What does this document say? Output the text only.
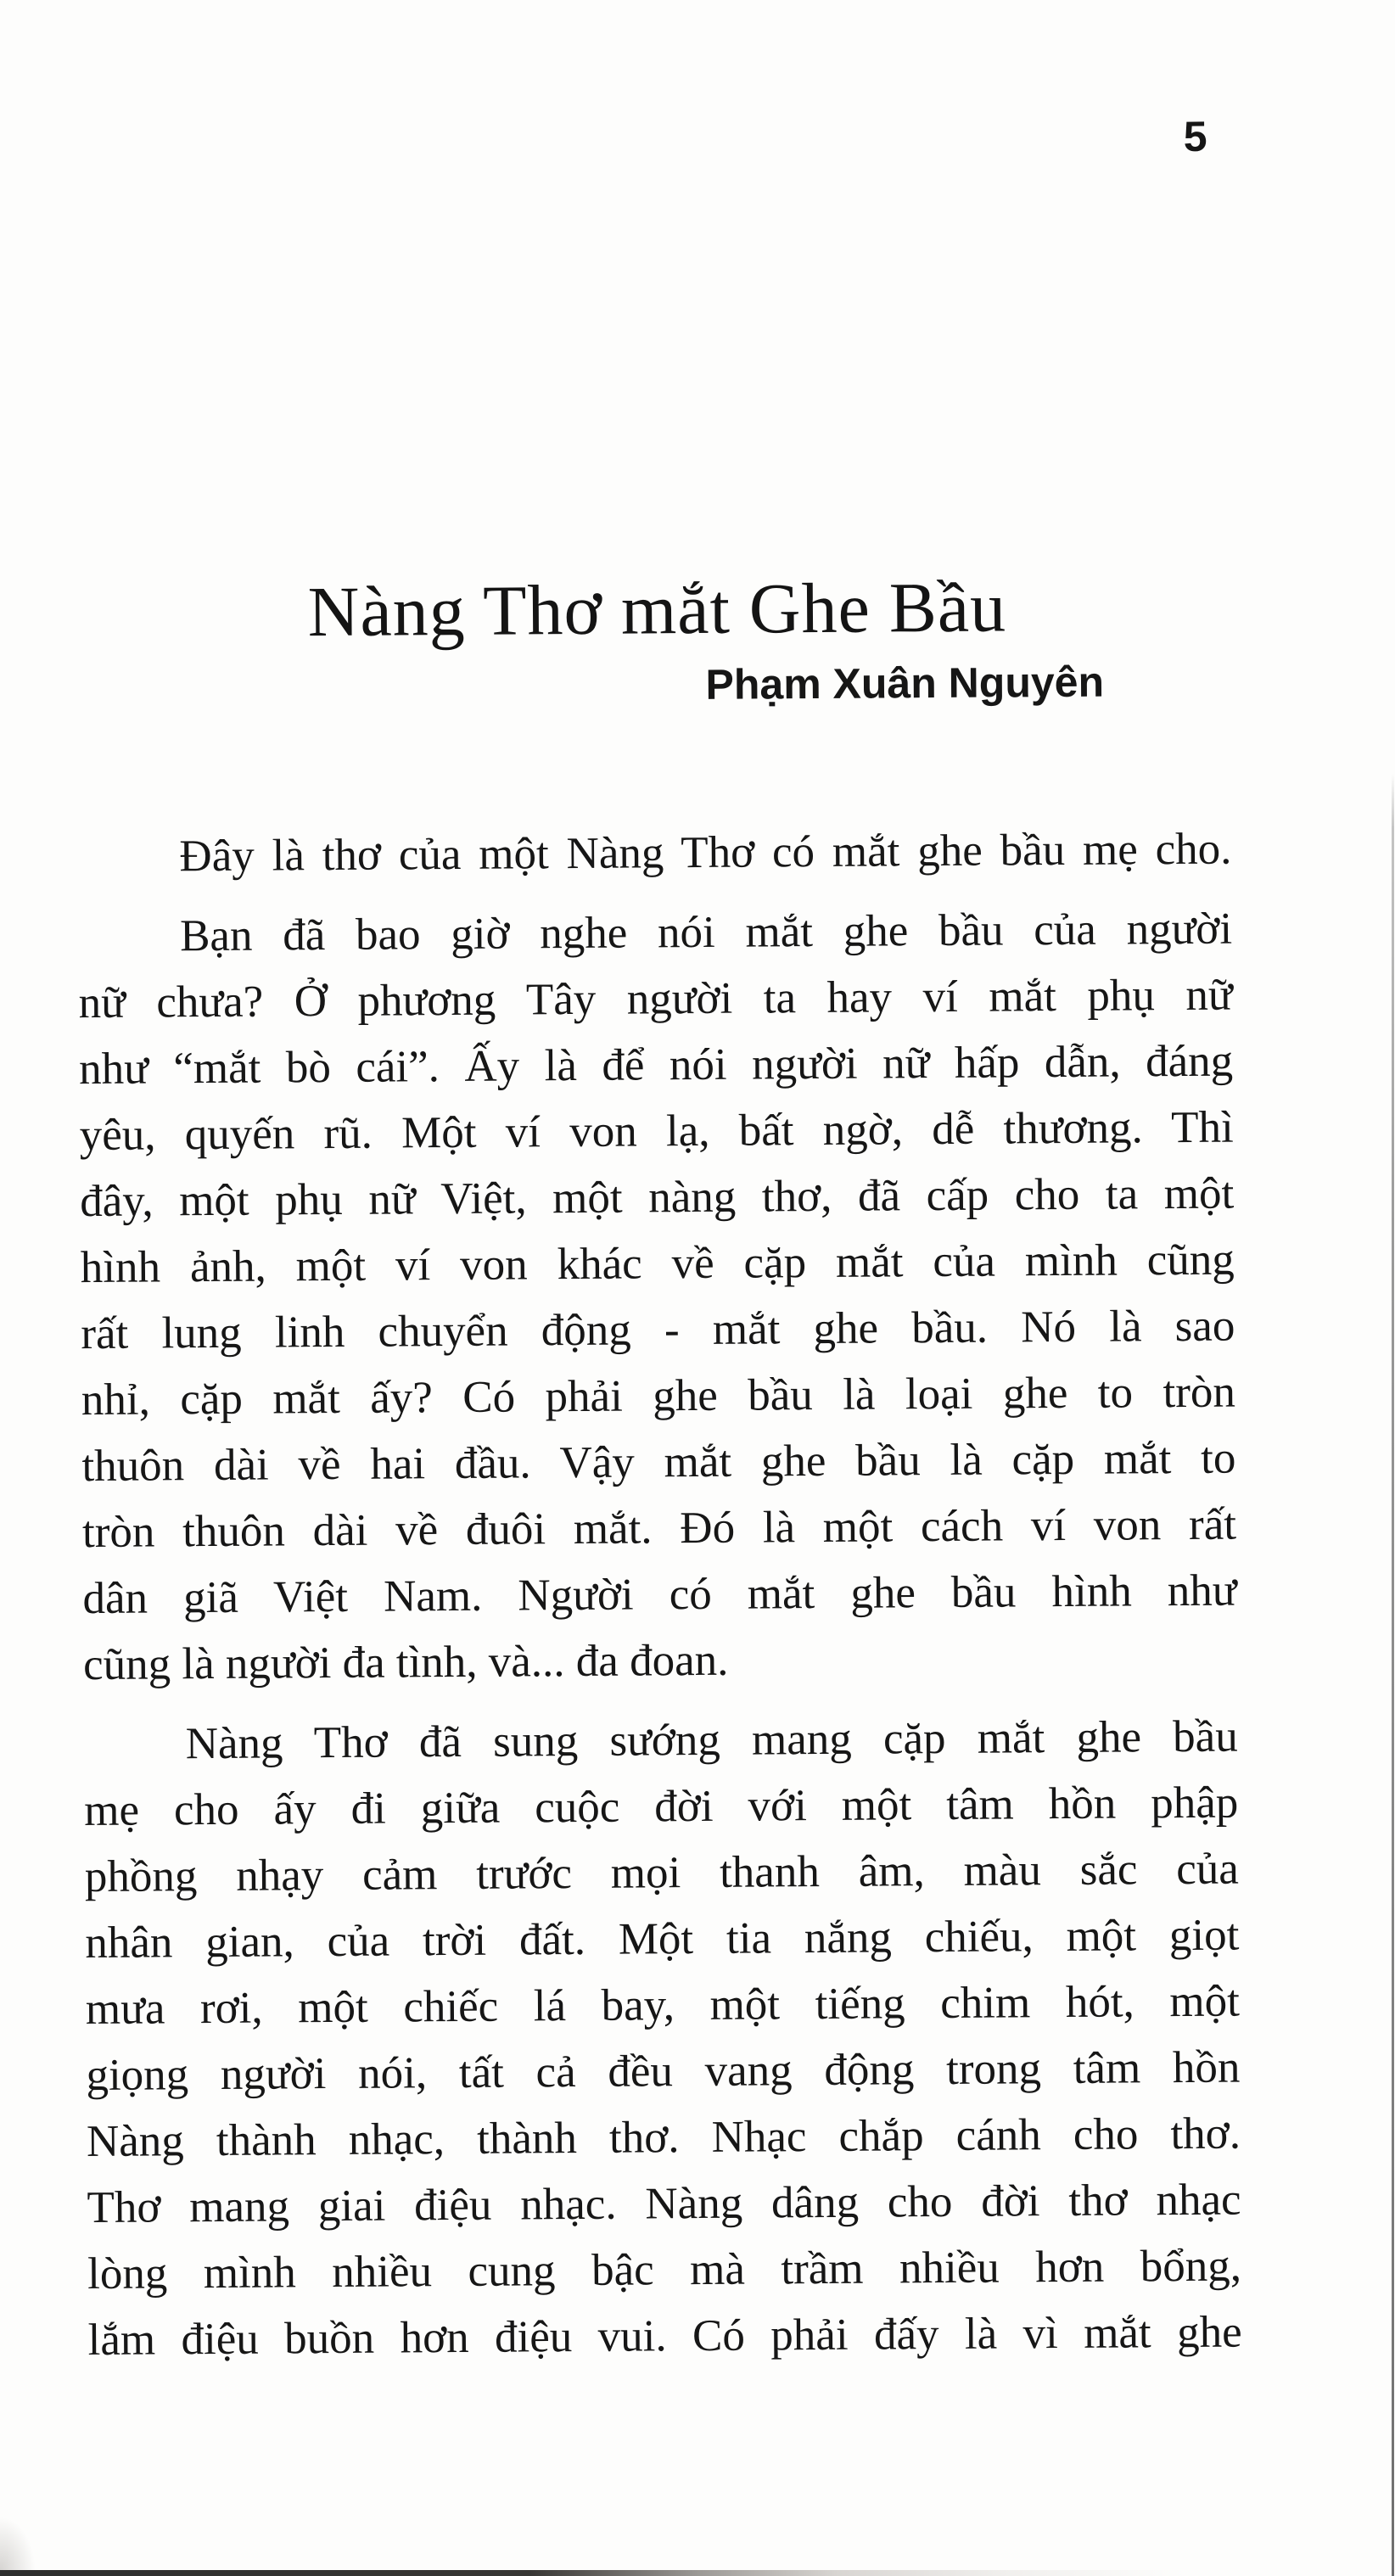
5
Nàng Thơ mắt Ghe Bầu
Phạm Xuân Nguyên
Đây là thơ của một Nàng Thơ có mắt ghe bầu mẹ cho.
Bạn đã bao giờ nghe nói mắt ghe bầu của người
nữ chưa? Ở phương Tây người ta hay ví mắt phụ nữ
như “mắt bò cái”. Ấy là để nói người nữ hấp dẫn, đáng
yêu, quyến rũ. Một ví von lạ, bất ngờ, dễ thương. Thì
đây, một phụ nữ Việt, một nàng thơ, đã cấp cho ta một
hình ảnh, một ví von khác về cặp mắt của mình cũng
rất lung linh chuyển động - mắt ghe bầu. Nó là sao
nhỉ, cặp mắt ấy? Có phải ghe bầu là loại ghe to tròn
thuôn dài về hai đầu. Vậy mắt ghe bầu là cặp mắt to
tròn thuôn dài về đuôi mắt. Đó là một cách ví von rất
dân giã Việt Nam. Người có mắt ghe bầu hình như
cũng là người đa tình, và... đa đoan.
Nàng Thơ đã sung sướng mang cặp mắt ghe bầu
mẹ cho ấy đi giữa cuộc đời với một tâm hồn phập
phồng nhạy cảm trước mọi thanh âm, màu sắc của
nhân gian, của trời đất. Một tia nắng chiếu, một giọt
mưa rơi, một chiếc lá bay, một tiếng chim hót, một
giọng người nói, tất cả đều vang động trong tâm hồn
Nàng thành nhạc, thành thơ. Nhạc chắp cánh cho thơ.
Thơ mang giai điệu nhạc. Nàng dâng cho đời thơ nhạc
lòng mình nhiều cung bậc mà trầm nhiều hơn bổng,
lắm điệu buồn hơn điệu vui. Có phải đấy là vì mắt ghe
